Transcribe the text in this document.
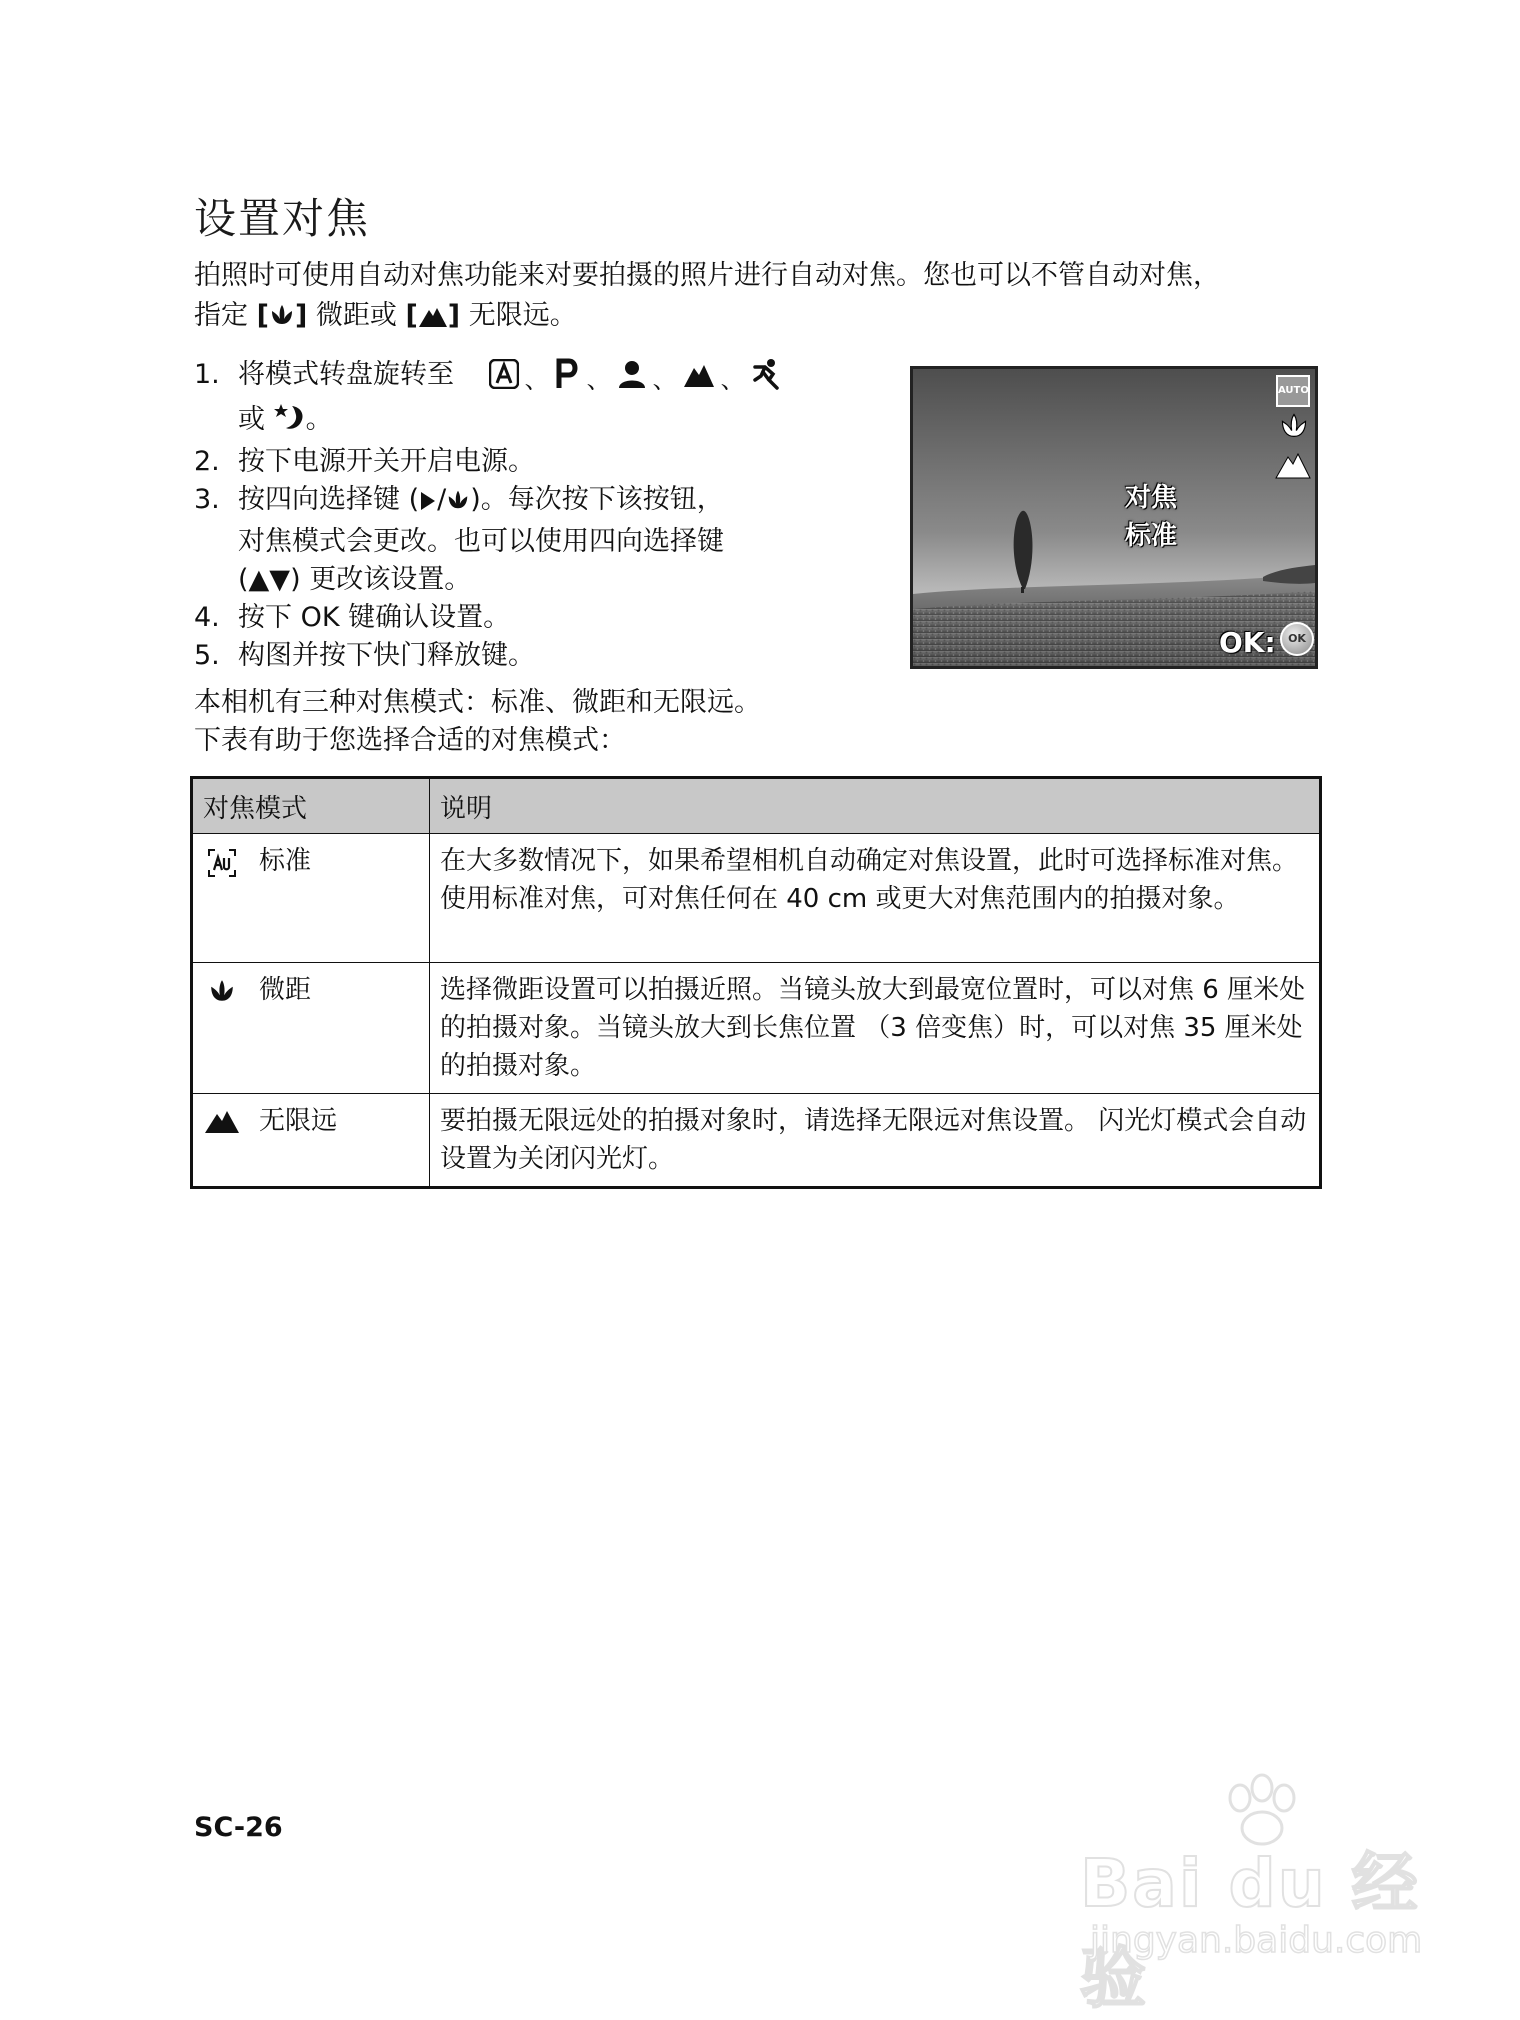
设置对焦
拍照时可使用自动对焦功能来对要拍摄的照片进行自动对焦。您也可以不管自动对焦，
指定 [ ] 微距或 [ ] 无限远。
1. 将模式转盘旋转至	、 、 、 、

或 。
2. 按下电源开关开启电源。
3. 按四向选择键 ( / )。每次按下该按钮，
对焦模式会更改。也可以使用四向选择键
(▲▼) 更改该设置。
4. 按下 OK 键确认设置。
5. 构图并按下快门释放键。
对焦
标准
AUTO
OK:	OK
本相机有三种对焦模式：标准、微距和无限远。
下表有助于您选择合适的对焦模式：
对焦模式	说明

标准	在大多数情况下，如果希望相机自动确定对焦设置，此时可选择标准对焦。使用标准对焦，可对焦任何在 40 cm 或更大对焦范围内的拍摄对象。

微距	选择微距设置可以拍摄近照。当镜头放大到最宽位置时，可以对焦 6 厘米处的拍摄对象。当镜头放大到长焦位置 （3 倍变焦）时，可以对焦 35 厘米处的拍摄对象。

无限远	要拍摄无限远处的拍摄对象时，请选择无限远对焦设置。 闪光灯模式会自动设置为关闭闪光灯。
SC-26
Bai du 经验
jingyan.baidu.com
